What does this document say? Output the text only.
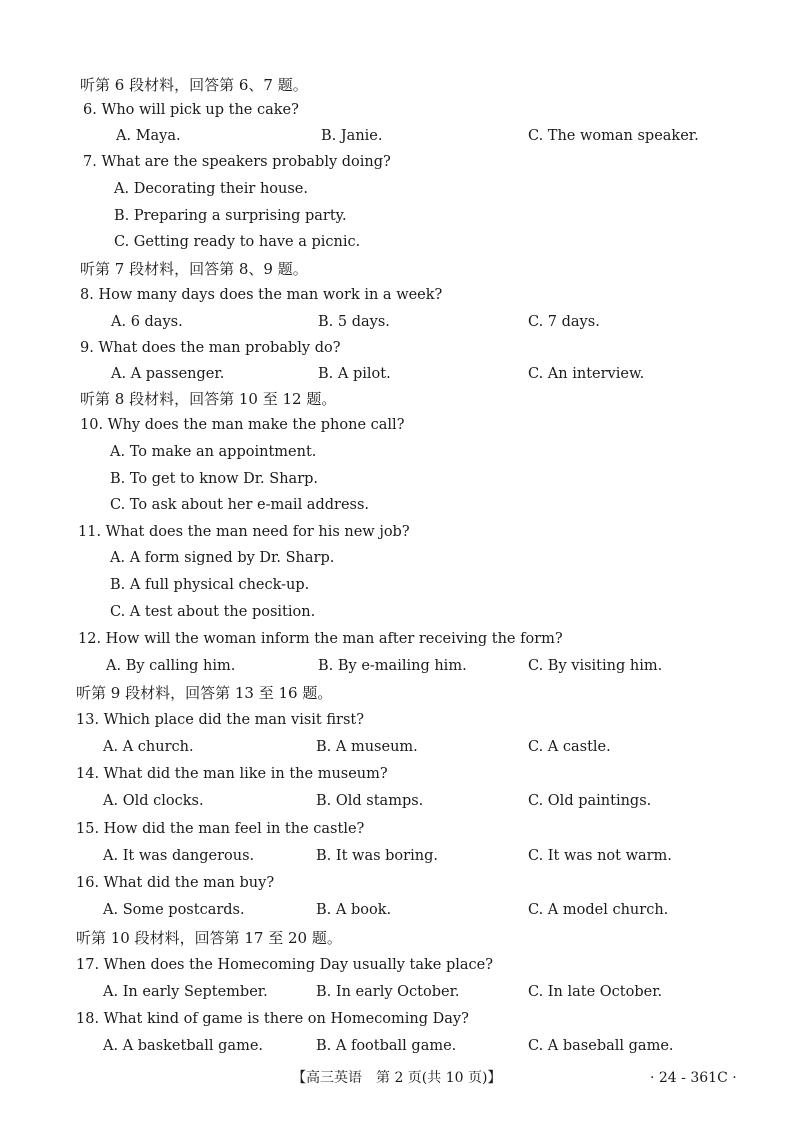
听第 6 段材料，回答第 6、7 题。
6. Who will pick up the cake?
A. Maya.	B. Janie.	C. The woman speaker.
7. What are the speakers probably doing?
A. Decorating their house.
B. Preparing a surprising party.
C. Getting ready to have a picnic.
听第 7 段材料，回答第 8、9 题。
8. How many days does the man work in a week?
A. 6 days.	B. 5 days.	C. 7 days.
9. What does the man probably do?
A. A passenger.	B. A pilot.	C. An interview.
听第 8 段材料，回答第 10 至 12 题。
10. Why does the man make the phone call?
A. To make an appointment.
B. To get to know Dr. Sharp.
C. To ask about her e-mail address.
11. What does the man need for his new job?
A. A form signed by Dr. Sharp.
B. A full physical check-up.
C. A test about the position.
12. How will the woman inform the man after receiving the form?
A. By calling him.	B. By e-mailing him.	C. By visiting him.
听第 9 段材料，回答第 13 至 16 题。
13. Which place did the man visit first?
A. A church.	B. A museum.	C. A castle.
14. What did the man like in the museum?
A. Old clocks.	B. Old stamps.	C. Old paintings.
15. How did the man feel in the castle?
A. It was dangerous.	B. It was boring.	C. It was not warm.
16. What did the man buy?
A. Some postcards.	B. A book.	C. A model church.
听第 10 段材料，回答第 17 至 20 题。
17. When does the Homecoming Day usually take place?
A. In early September.	B. In early October.	C. In late October.
18. What kind of game is there on Homecoming Day?
A. A basketball game.	B. A football game.	C. A baseball game.
【高三英语　第 2 页(共 10 页)】	· 24 - 361C ·
